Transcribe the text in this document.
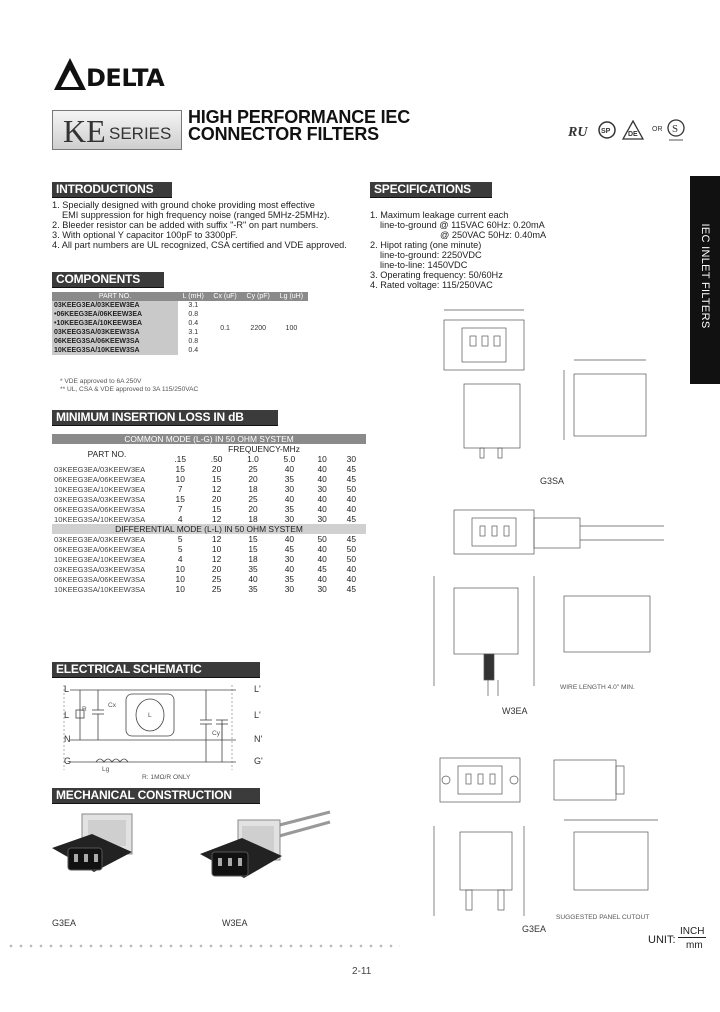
DELTA
KE SERIES
HIGH PERFORMANCE IEC
CONNECTOR FILTERS	RU SP	DE
OR S
IEC INLET FILTERS
INTRODUCTIONS
1. Specially designed with ground choke providing most effective
EMI suppression for high frequency noise (ranged 5MHz-25MHz).
2. Bleeder resistor can be added with suffix "-R" on part numbers.
3. With optional Y capacitor 100pF to 3300pF.
4. All part numbers are UL recognized, CSA certified and VDE approved.
SPECIFICATIONS
1. Maximum leakage current each
line-to-ground @ 115VAC 60Hz: 0.20mA
@ 250VAC 50Hz: 0.40mA
2. Hipot rating (one minute)
line-to-ground: 2250VDC
line-to-line: 1450VDC
3. Operating frequency: 50/60Hz
4. Rated voltage: 115/250VAC
COMPONENTS
PART NO.	L (mH)	Cx (uF)	Cy (pF)	Lg (uH)
03KEEG3EA/03KEEW3EA	3.1	0.1	2200	100
•06KEEG3EA/06KEEW3EA	0.8			
•10KEEG3EA/10KEEW3EA	0.4			
03KEEG3SA/03KEEW3SA	3.1			
06KEEG3SA/06KEEW3SA	0.8			
10KEEG3SA/10KEEW3SA	0.4			
* VDE approved to 6A 250V
** UL, CSA & VDE approved to 3A 115/250VAC
MINIMUM INSERTION LOSS IN dB
COMMON MODE (L-G) IN 50 OHM SYSTEM						
PART NO.	FREQUENCY-MHz					
	.15	.50	1.0	5.0	10	30
03KEEG3EA/03KEEW3EA	15	20	25	40	40	45
06KEEG3EA/06KEEW3EA	10	15	20	35	40	45
10KEEG3EA/10KEEW3EA	7	12	18	30	30	50
03KEEG3SA/03KEEW3SA	15	20	25	40	40	40
06KEEG3SA/06KEEW3SA	7	15	20	35	40	40
10KEEG3SA/10KEEW3SA	4	12	18	30	30	45
DIFFERENTIAL MODE (L-L) IN 50 OHM SYSTEM						
03KEEG3EA/03KEEW3EA	5	12	15	40	50	45
06KEEG3EA/06KEEW3EA	5	10	15	45	40	50
10KEEG3EA/10KEEW3EA	4	12	18	30	40	50
03KEEG3SA/03KEEW3SA	10	20	35	40	45	40
06KEEG3SA/06KEEW3SA	10	25	40	35	40	40
10KEEG3SA/10KEEW3SA	10	25	35	30	30	45
ELECTRICAL SCHEMATIC
L
L
N
G
L'
L'
N'
G'
Cx
Cy
L
Lg
R
R: 1MΩ/R ONLY
MECHANICAL CONSTRUCTION
G3EA	W3EA
G3SA
WIRE LENGTH 4.0" MIN.
W3EA
SUGGESTED PANEL CUTOUT
G3EA
UNIT:
INCH
mm
2-11
